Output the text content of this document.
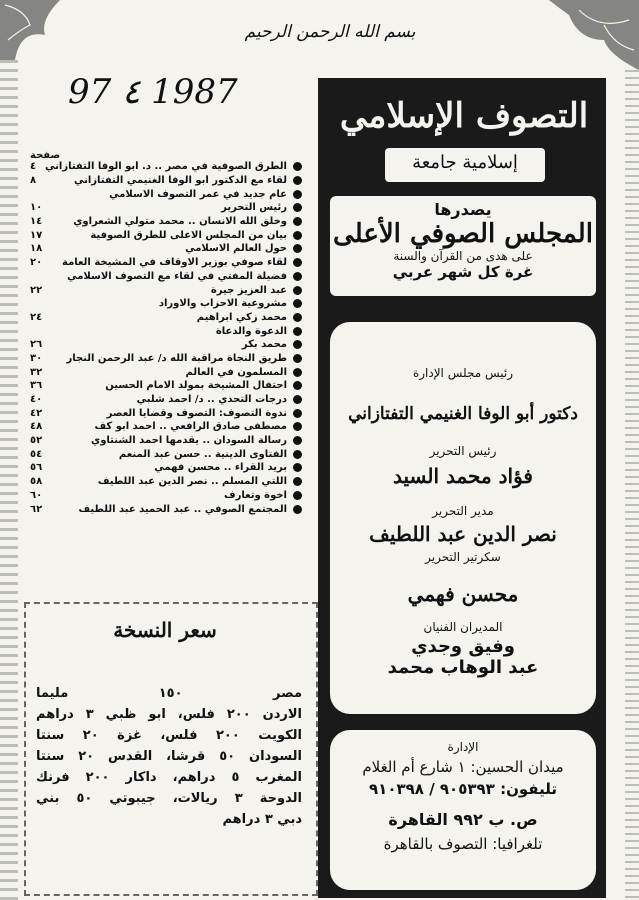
بسم الله الرحمن الرحيم
97 ٤ 1987
التصوف الإسلامي
إسلامية جامعة
يصدرها
المجلس الصوفي الأعلى
على هدى من القرآن والسنة
غرة كل شهر عربي
رئيس مجلس الإدارة
دكتور أبو الوفا الغنيمي التفتازاني
رئيس التحرير
فؤاد محمد السيد
مدير التحرير
نصر الدين عبد اللطيف
سكرتير التحرير
محسن فهمي
المديران الفنيان
وفيق وجدي
عبد الوهاب محمد
الإدارة
ميدان الحسين: ١ شارع أم الغلام
تليفون: ٩٠٥٣٩٣ / ٩١٠٣٩٨
ص. ب ٩٩٢ القاهرة
تلغرافيا: التصوف بالقاهرة
صفحة
الطرق الصوفية في مصر .. د. أبو الوفا التفتازاني
٤
لقاء مع الدكتور أبو الوفا الغنيمي التفتازاني
٨
عام جديد في عمر التصوف الاسلامي
رئيس التحرير
١٠
وخلق الله الانسان .. محمد متولي الشعراوي
١٤
بيان من المجلس الاعلى للطرق الصوفية
١٧
حول العالم الاسلامي
١٨
لقاء صوفي بوزير الاوقاف في المشيخة العامة
٢٠
فضيلة المفتي في لقاء مع التصوف الاسلامي
عبد العزيز جيرة
٢٢
مشروعية الاحزاب والاوراد
محمد زكي ابراهيم
٢٤
الدعوة والدعاة
محمد بكر
٢٦
طريق النجاة مراقبة الله د/ عبد الرحمن النجار
٣٠
المسلمون في العالم
٣٢
احتفال المشيخة بمولد الامام الحسين
٣٦
درجات التحدي .. د/ احمد شلبي
٤٠
ندوة التصوف: التصوف وقضايا العصر
٤٢
مصطفى صادق الرافعي .. احمد ابو كف
٤٨
رسالة السودان .. يقدمها احمد الشنتاوي
٥٢
الفتاوى الدينية .. حسن عبد المنعم
٥٤
بريد القراء .. محسن فهمي
٥٦
اللتي المسلم .. نصر الدين عبد اللطيف
٥٨
اخوة وتعارف
٦٠
المجتمع الصوفي .. عبد الحميد عبد اللطيف
٦٢
سعر النسخة
مصر ١٥٠ مليما
الاردن ٢٠٠ فلس، ابو ظبي ٣ دراهم
الكويت ٢٠٠ فلس، غزة ٢٠ سنتا
السودان ٥٠ قرشا، القدس ٢٠ سنتا
المغرب ٥ دراهم، داكار ٢٠٠ فرنك
الدوحة ٣ ريالات، جيبوتي ٥٠ بني
دبي ٣ دراهم
